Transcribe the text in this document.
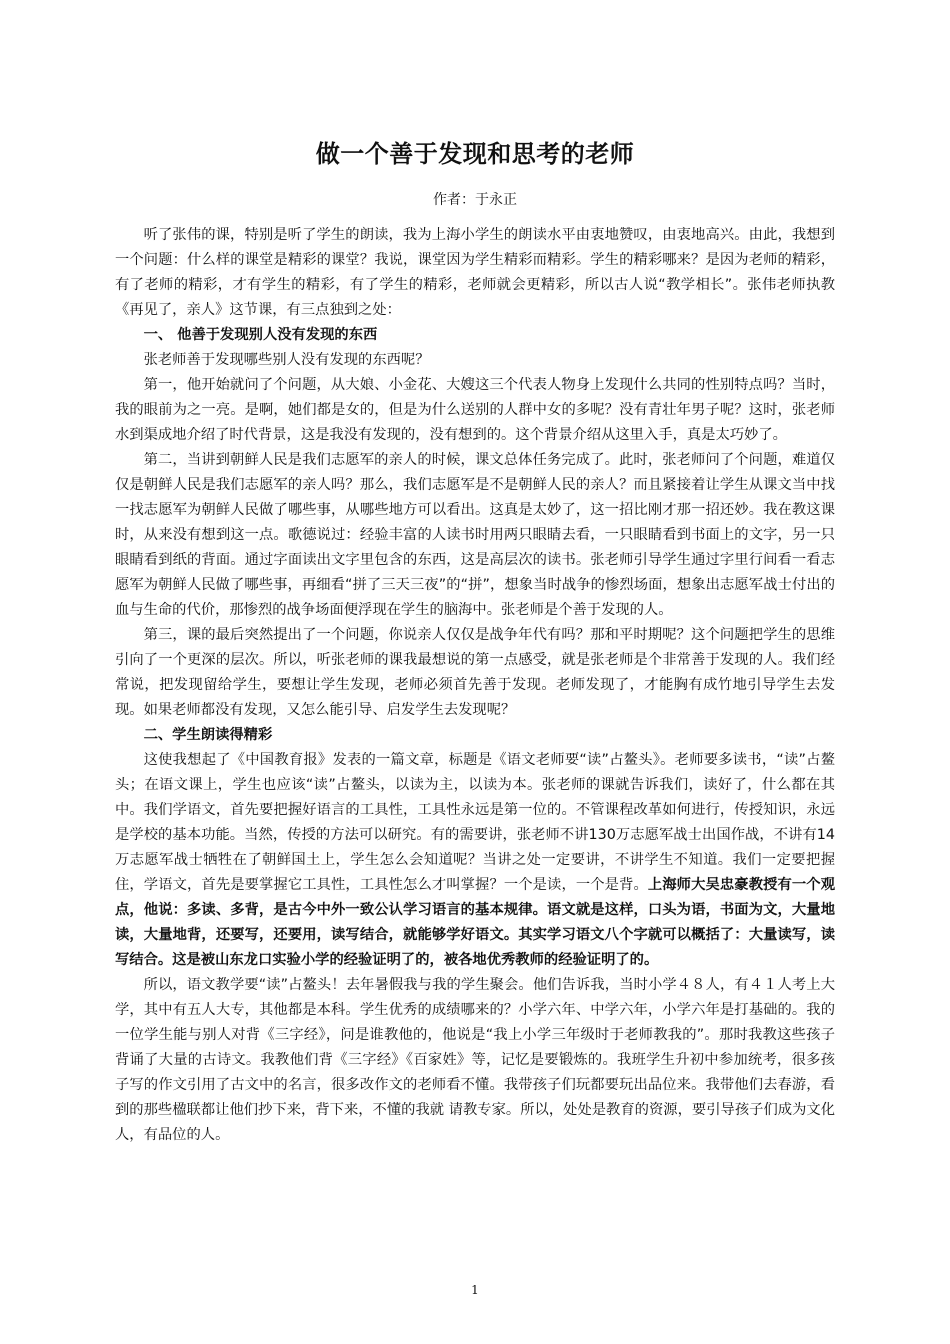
做一个善于发现和思考的老师
作者：于永正

听了张伟的课，特别是听了学生的朗读，我为上海小学生的朗读水平由衷地赞叹，由衷地高兴。由此，我想到一个问题：什么样的课堂是精彩的课堂？我说，课堂因为学生精彩而精彩。学生的精彩哪来？是因为老师的精彩，有了老师的精彩，才有学生的精彩，有了学生的精彩，老师就会更精彩，所以古人说“教学相长”。张伟老师执教《再见了，亲人》这节课，有三点独到之处：

一、 他善于发现别人没有发现的东西

张老师善于发现哪些别人没有发现的东西呢？

第一，他开始就问了个问题，从大娘、小金花、大嫂这三个代表人物身上发现什么共同的性别特点吗？当时，我的眼前为之一亮。是啊，她们都是女的，但是为什么送别的人群中女的多呢？没有青壮年男子呢？这时，张老师水到渠成地介绍了时代背景，这是我没有发现的，没有想到的。这个背景介绍从这里入手，真是太巧妙了。

第二，当讲到朝鲜人民是我们志愿军的亲人的时候，课文总体任务完成了。此时，张老师问了个问题，难道仅仅是朝鲜人民是我们志愿军的亲人吗？那么，我们志愿军是不是朝鲜人民的亲人？而且紧接着让学生从课文当中找一找志愿军为朝鲜人民做了哪些事，从哪些地方可以看出。这真是太妙了，这一招比刚才那一招还妙。我在教这课时，从来没有想到这一点。歌德说过：经验丰富的人读书时用两只眼睛去看，一只眼睛看到书面上的文字，另一只眼睛看到纸的背面。通过字面读出文字里包含的东西，这是高层次的读书。张老师引导学生通过字里行间看一看志愿军为朝鲜人民做了哪些事，再细看“拼了三天三夜”的“拼”，想象当时战争的惨烈场面，想象出志愿军战士付出的血与生命的代价，那惨烈的战争场面便浮现在学生的脑海中。张老师是个善于发现的人。

第三，课的最后突然提出了一个问题，你说亲人仅仅是战争年代有吗？那和平时期呢？这个问题把学生的思维引向了一个更深的层次。所以，听张老师的课我最想说的第一点感受，就是张老师是个非常善于发现的人。我们经常说，把发现留给学生，要想让学生发现，老师必须首先善于发现。老师发现了，才能胸有成竹地引导学生去发现。如果老师都没有发现，又怎么能引导、启发学生去发现呢？

二、学生朗读得精彩

这使我想起了《中国教育报》发表的一篇文章，标题是《语文老师要“读”占鳌头》。老师要多读书，“读”占鳌头；在语文课上，学生也应该“读”占鳌头，以读为主，以读为本。张老师的课就告诉我们，读好了，什么都在其中。我们学语文，首先要把握好语言的工具性，工具性永远是第一位的。不管课程改革如何进行，传授知识，永远是学校的基本功能。当然，传授的方法可以研究。有的需要讲，张老师不讲130万志愿军战士出国作战，不讲有14万志愿军战士牺牲在了朝鲜国土上，学生怎么会知道呢？当讲之处一定要讲，不讲学生不知道。我们一定要把握住，学语文，首先是要掌握它工具性，工具性怎么才叫掌握？一个是读，一个是背。上海师大吴忠豪教授有一个观点，他说：多读、多背，是古今中外一致公认学习语言的基本规律。语文就是这样，口头为语，书面为文，大量地读，大量地背，还要写，还要用，读写结合，就能够学好语文。其实学习语文八个字就可以概括了：大量读写，读写结合。这是被山东龙口实验小学的经验证明了的，被各地优秀教师的经验证明了的。

所以，语文教学要“读”占鳌头！去年暑假我与我的学生聚会。他们告诉我，当时小学４８人，有４１人考上大学，其中有五人大专，其他都是本科。学生优秀的成绩哪来的？小学六年、中学六年，小学六年是打基础的。我的一位学生能与别人对背《三字经》，问是谁教他的，他说是“我上小学三年级时于老师教我的”。那时我教这些孩子背诵了大量的古诗文。我教他们背《三字经》《百家姓》等，记忆是要锻炼的。我班学生升初中参加统考，很多孩子写的作文引用了古文中的名言，很多改作文的老师看不懂。我带孩子们玩都要玩出品位来。我带他们去春游，看到的那些楹联都让他们抄下来，背下来，不懂的我就 请教专家。所以，处处是教育的资源，要引导孩子们成为文化人，有品位的人。

1
